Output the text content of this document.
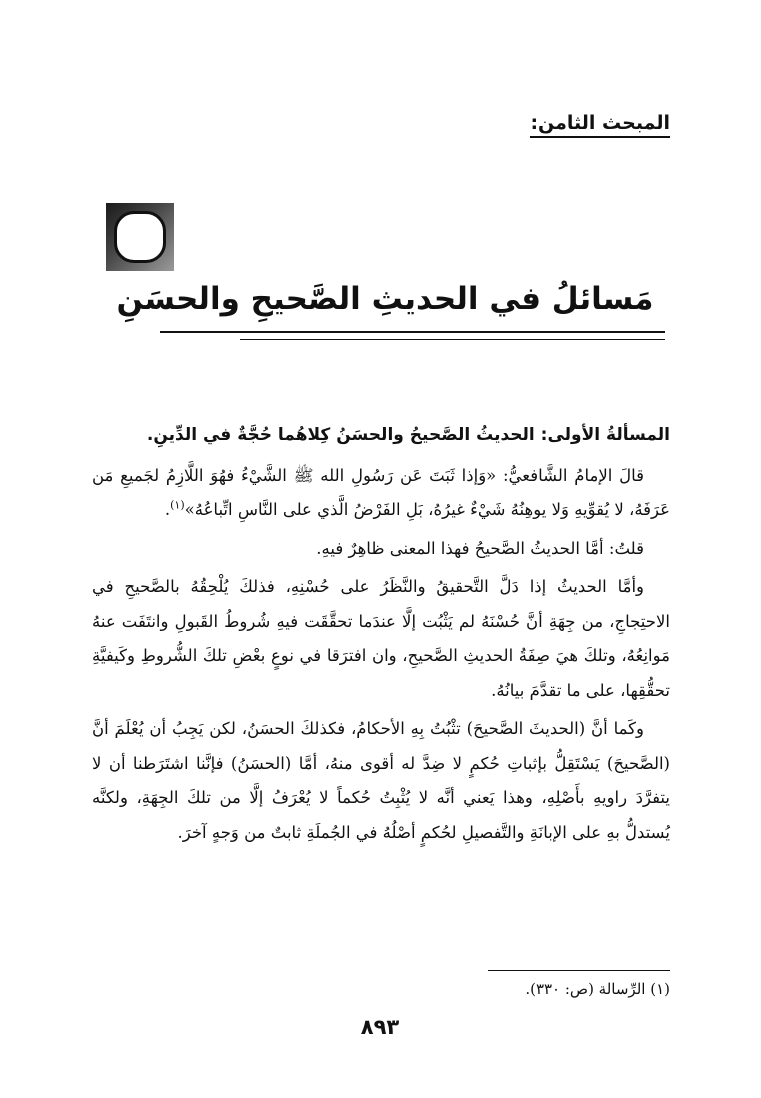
المبحث الثامن:
مَسائلُ في الحديثِ الصَّحيحِ والحسَنِ

المسألةُ الأولى: الحديثُ الصَّحيحُ والحسَنُ كِلاهُما حُجَّةٌ في الدِّينِ.

قالَ الإمامُ الشَّافعيُّ: «وَإذا ثَبَتَ عَن رَسُولِ الله ﷺ الشَّيْءُ فهُوَ اللَّازِمُ لجَميعِ مَن عَرَفَهُ، لا يُقوِّيهِ وَلا يوهِنُهُ شَيْءٌ غيرُهُ، بَلِ الفَرْضُ الَّذي على النَّاسِ اتِّباعُهُ»$^{(١)}$.

قلتُ: أمَّا الحديثُ الصَّحيحُ فهذا المعنى ظاهِرٌ فيهِ.

وأمَّا الحديثُ إذا دَلَّ التَّحقيقُ والنَّظَرُ على حُسْنِهِ، فذلكَ يُلْحِقُهُ بالصَّحيحِ في الاحتِجاجِ، من جِهَةِ أنَّ حُسْنَهُ لم يَثْبُت إلَّا عندَما تحقَّقَت فيهِ شُروطُ القَبولِ وانتَفَت عنهُ مَوانِعُهُ، وتلكَ هيَ صِفَةُ الحديثِ الصَّحيحِ، وان افترَقا في نوعٍ بعْضِ تلكَ الشُّروطِ وكَيفيَّةِ تحقُّقِها، على ما تقدَّمَ بيانُهُ.

وكَما أنَّ (الحديثَ الصَّحيحَ) تثْبُتُ بِهِ الأحكامُ، فكذلكَ الحسَنُ، لكن يَجِبُ أن يُعْلَمَ أنَّ (الصَّحيحَ) يَسْتَقِلُّ بإثباتِ حُكمٍ لا ضِدَّ له أقوى منهُ، أمَّا (الحسَنُ) فإنَّنا اشتَرَطنا أن لا يتفرَّدَ راويهِ بأَصْلِهِ، وهذا يَعني أنَّه لا يُثْبِتُ حُكماً لا يُعْرَفُ إلَّا من تلكَ الجِهَةِ، ولكنَّه يُستدلُّ بهِ على الإبانَةِ والتَّفصيلِ لحُكمٍ أصْلُهُ في الجُملَةِ ثابتٌ من وَجهٍ آخرَ.

(١) الرِّسالة (ص: ٣٣٠).
٨٩٣
